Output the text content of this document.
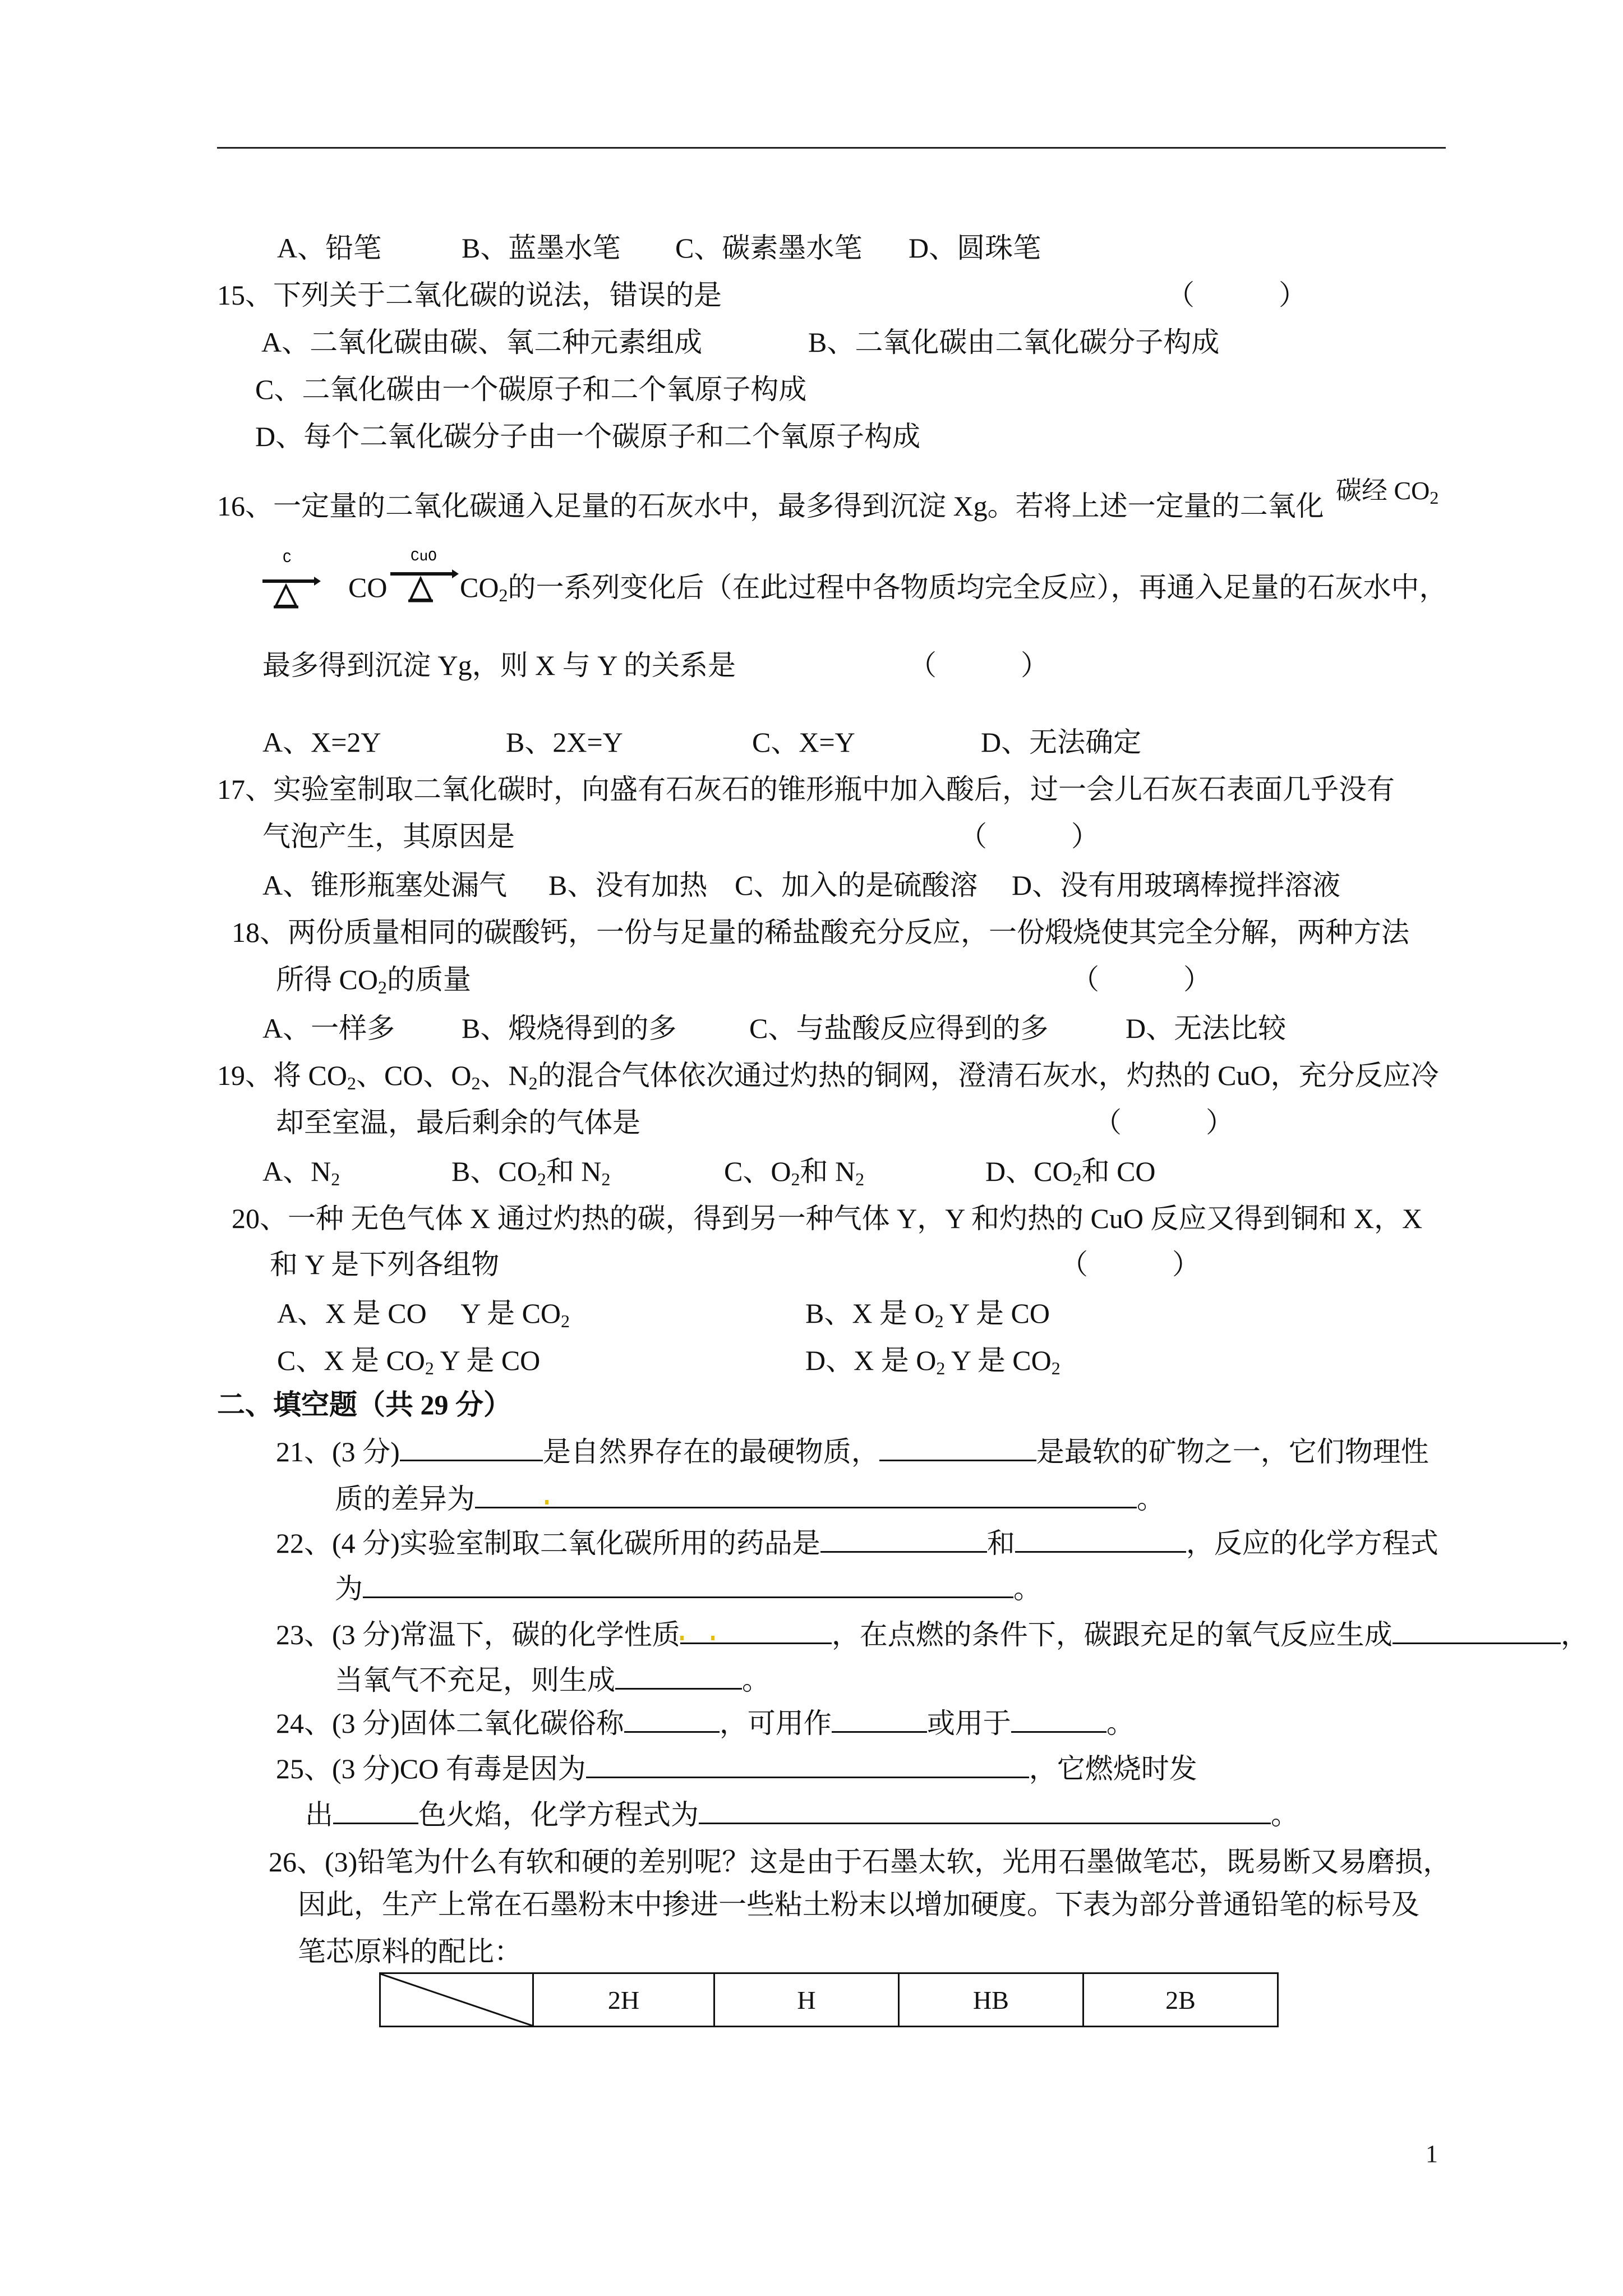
A、铅笔	B、蓝墨水笔 C、碳素墨水笔 D、圆珠笔
15、下列关于二氧化碳的说法，错误的是	（　　　）
A、二氧化碳由碳、氧二种元素组成	B、二氧化碳由二氧化碳分子构成
C、二氧化碳由一个碳原子和二个氧原子构成
D、每个二氧化碳分子由一个碳原子和二个氧原子构成
16、一定量的二氧化碳通入足量的石灰水中，最多得到沉淀 Xg。若将上述一定量的二氧化 碳经 $CO_2$
C
CO
CuO
$CO_2$的一系列变化后（在此过程中各物质均完全反应），再通入足量的石灰水中，
最多得到沉淀 Yg，则 X 与 Y 的关系是	（　　　）
A、X=2Y	B、2X=Y	C、X=Y	D、无法确定
17、实验室制取二氧化碳时，向盛有石灰石的锥形瓶中加入酸后，过一会儿石灰石表面几乎没有
气泡产生，其原因是	（　　　）
A、锥形瓶塞处漏气 B、没有加热 C、加入的是硫酸溶 D、没有用玻璃棒搅拌溶液
18、两份质量相同的碳酸钙，一份与足量的稀盐酸充分反应，一份煅烧使其完全分解，两种方法
所得 $CO_2$的质量	（　　　）
A、一样多 B、煅烧得到的多	C、与盐酸反应得到的多	D、无法比较
19、将 $CO_2$、CO、$O_2$、$N_2$的混合气体依次通过灼热的铜网，澄清石灰水，灼热的 CuO，充分反应冷
却至室温，最后剩余的气体是	（　　　）
A、$N_2$	B、$CO_2$和 $N_2$	C、$O_2$和 $N_2$	D、$CO_2$和 CO
20、一种 无色气体 X 通过灼热的碳，得到另一种气体 Y，Y 和灼热的 CuO 反应又得到铜和 X，X
和 Y 是下列各组物	（　　　）
A、X 是 CO　 Y 是 $CO_2$	B、X 是 $O_2$ Y 是 CO
C、X 是 $CO_2$ Y 是 CO	D、X 是 $O_2$ Y 是 $CO_2$
二、填空题（共 29 分）
21、(3 分)	是自然界存在的最硬物质，	是最软的矿物之一，它们物理性
质的差异为	。
22、(4 分)实验室制取二氧化碳所用的药品是	和	，反应的化学方程式
为	。
23、(3 分)常温下，碳的化学性质	，在点燃的条件下，碳跟充足的氧气反应生成	，
当氧气不充足，则生成	。
24、(3 分)固体二氧化碳俗称	，可用作	或用于	。
25、(3 分)CO 有毒是因为	，它燃烧时发
出	色火焰，化学方程式为	。
26、(3)铅笔为什么有软和硬的差别呢？这是由于石墨太软，光用石墨做笔芯，既易断又易磨损，
因此，生产上常在石墨粉末中掺进一些粘土粉末以增加硬度。下表为部分普通铅笔的标号及
笔芯原料的配比：
	2H	H	HB	2B
1
